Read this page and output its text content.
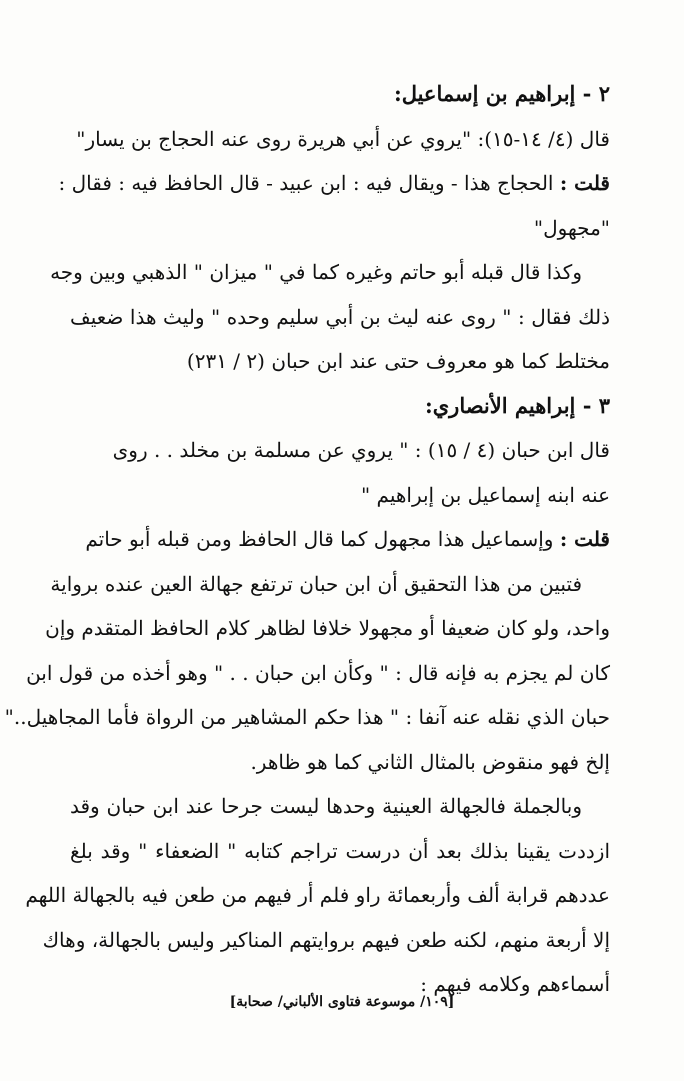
٢ - إبراهيم بن إسماعيل:
قال (٤/ ١٤-١٥): "يروي عن أبي هريرة روى عنه الحجاج بن يسار"
قلت : الحجاج هذا - ويقال فيه : ابن عبيد - قال الحافظ فيه : فقال :
"مجهول"
وكذا قال قبله أبو حاتم وغيره كما في " ميزان " الذهبي وبين وجه
ذلك فقال : " روى عنه ليث بن أبي سليم وحده " وليث هذا ضعيف
مختلط كما هو معروف حتى عند ابن حبان (٢ / ٢٣١)
٣ - إبراهيم الأنصاري:
قال ابن حبان (٤ / ١٥) : " يروي عن مسلمة بن مخلد . . روى
عنه ابنه إسماعيل بن إبراهيم "
قلت : وإسماعيل هذا مجهول كما قال الحافظ ومن قبله أبو حاتم
فتبين من هذا التحقيق أن ابن حبان ترتفع جهالة العين عنده برواية
واحد، ولو كان ضعيفا أو مجهولا خلافا لظاهر كلام الحافظ المتقدم وإن
كان لم يجزم به فإنه قال : " وكأن ابن حبان . . " وهو أخذه من قول ابن
حبان الذي نقله عنه آنفا : " هذا حكم المشاهير من الرواة فأما المجاهيل.."
إلخ فهو منقوض بالمثال الثاني كما هو ظاهر.
وبالجملة فالجهالة العينية وحدها ليست جرحا عند ابن حبان وقد
ازددت يقينا بذلك بعد أن درست تراجم كتابه " الضعفاء " وقد بلغ
عددهم قرابة ألف وأربعمائة راو فلم أر فيهم من طعن فيه بالجهالة اللهم
إلا أربعة منهم، لكنه طعن فيهم بروايتهم المناكير وليس بالجهالة، وهاك
أسماءهم وكلامه فيهم :
[١٠٩/ موسوعة فتاوى الألباني/ صحابة]
